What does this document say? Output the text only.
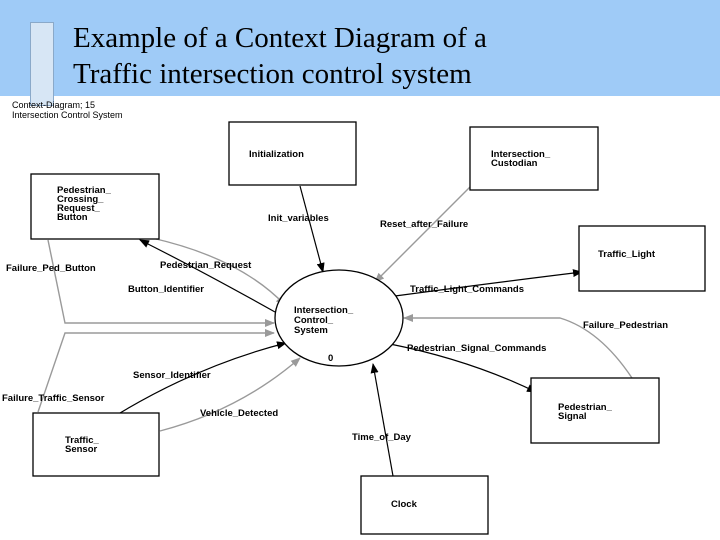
Example of a Context Diagram of a
Traffic intersection control system
Context-Diagram; 15
Intersection Control System
Intersection_
Control_
System
0
Initialization	Intersection_
Custodian
Pedestrian_
Crossing_
Request_
Button
Traffic_Light
Pedestrian_
Signal
Traffic_
Sensor
Clock
Init_variables
Reset_after_Failure
Pedestrian_Request
Button_Identifier
Failure_Ped_Button
Traffic_Light_Commands
Failure_Pedestrian
Pedestrian_Signal_Commands
Sensor_Identifier
Failure_Traffic_Sensor
Vehicle_Detected
Time_of_Day
